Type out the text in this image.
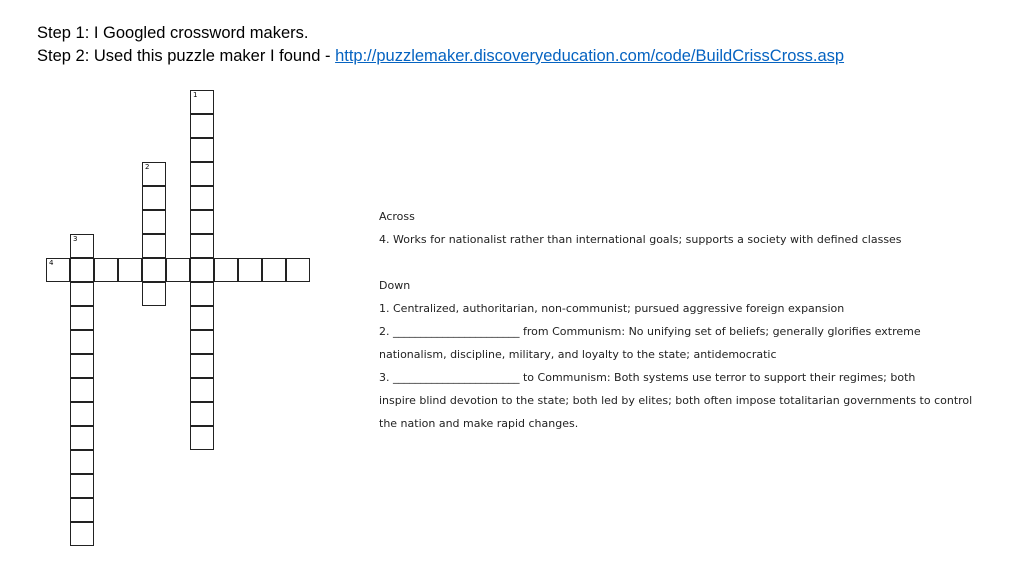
Step 1: I Googled crossword makers.
Step 2: Used this puzzle maker I found - http://puzzlemaker.discoveryeducation.com/code/BuildCrissCross.asp
1
2
3
4
Across
4. Works for nationalist rather than international goals; supports a society with defined classes
Down
1. Centralized, authoritarian, non-communist; pursued aggressive foreign expansion
2. _______________________ from Communism: No unifying set of beliefs; generally glorifies extreme
nationalism, discipline, military, and loyalty to the state; antidemocratic
3. _______________________ to Communism: Both systems use terror to support their regimes; both
inspire blind devotion to the state; both led by elites; both often impose totalitarian governments to control
the nation and make rapid changes.
